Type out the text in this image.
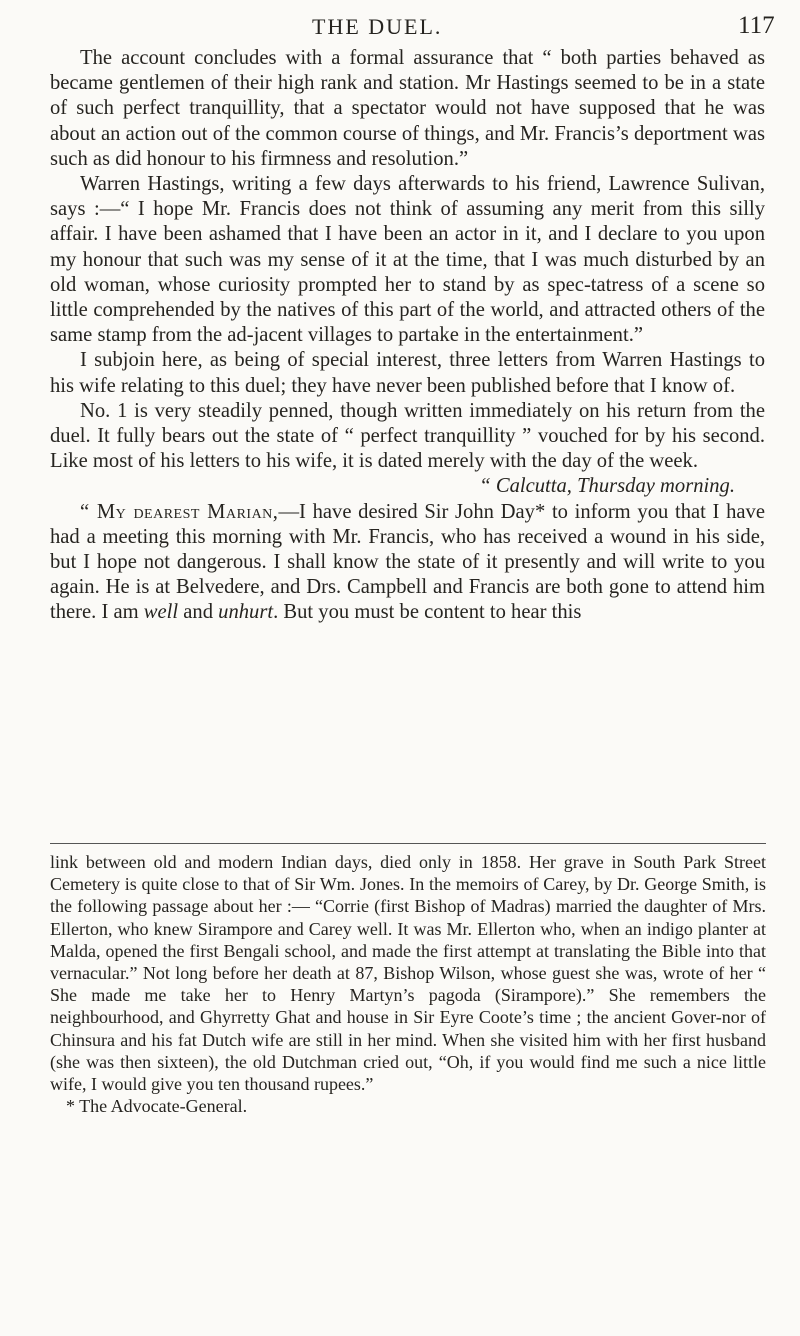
THE DUEL.	117

The account concludes with a formal assurance that “ both parties behaved as became gentlemen of their high rank and station. Mr Hastings seemed to be in a state of such perfect tranquillity, that a spectator would not have supposed that he was about an action out of the common course of things, and Mr. Francis’s deportment was such as did honour to his firmness and resolution.”

Warren Hastings, writing a few days afterwards to his friend, Lawrence Sulivan, says :—“ I hope Mr. Francis does not think of assuming any merit from this silly affair. I have been ashamed that I have been an actor in it, and I declare to you upon my honour that such was my sense of it at the time, that I was much disturbed by an old woman, whose curiosity prompted her to stand by as spec-tatress of a scene so little comprehended by the natives of this part of the world, and attracted others of the same stamp from the ad-jacent villages to partake in the entertainment.”

I subjoin here, as being of special interest, three letters from Warren Hastings to his wife relating to this duel; they have never been published before that I know of.

No. 1 is very steadily penned, though written immediately on his return from the duel. It fully bears out the state of “ perfect tranquillity ” vouched for by his second. Like most of his letters to his wife, it is dated merely with the day of the week.

“ Calcutta, Thursday morning.

“ My dearest Marian,—I have desired Sir John Day* to inform you that I have had a meeting this morning with Mr. Francis, who has received a wound in his side, but I hope not dangerous. I shall know the state of it presently and will write to you again. He is at Belvedere, and Drs. Campbell and Francis are both gone to attend him there. I am well and unhurt. But you must be content to hear this

link between old and modern Indian days, died only in 1858. Her grave in South Park Street Cemetery is quite close to that of Sir Wm. Jones. In the memoirs of Carey, by Dr. George Smith, is the following passage about her :— “Corrie (first Bishop of Madras) married the daughter of Mrs. Ellerton, who knew Sirampore and Carey well. It was Mr. Ellerton who, when an indigo planter at Malda, opened the first Bengali school, and made the first attempt at translating the Bible into that vernacular.” Not long before her death at 87, Bishop Wilson, whose guest she was, wrote of her “ She made me take her to Henry Martyn’s pagoda (Sirampore).” She remembers the neighbourhood, and Ghyrretty Ghat and house in Sir Eyre Coote’s time ; the ancient Gover-nor of Chinsura and his fat Dutch wife are still in her mind. When she visited him with her first husband (she was then sixteen), the old Dutchman cried out, “Oh, if you would find me such a nice little wife, I would give you ten thousand rupees.”

* The Advocate-General.
